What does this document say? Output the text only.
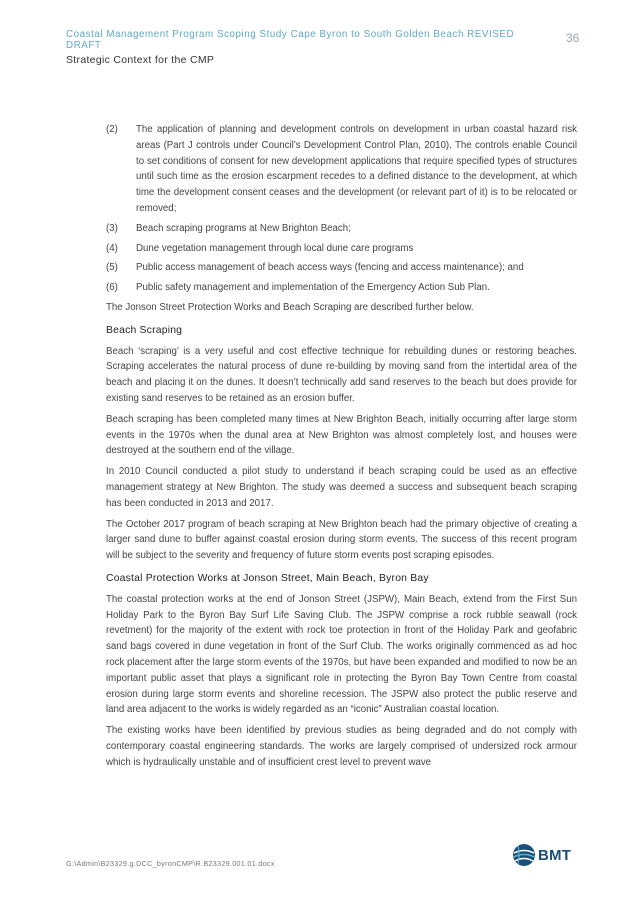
Coastal Management Program Scoping Study Cape Byron to South Golden Beach REVISED DRAFT

Strategic Context for the CMP
36
(2)	The application of planning and development controls on development in urban coastal hazard risk areas (Part J controls under Council’s Development Control Plan, 2010). The controls enable Council to set conditions of consent for new development applications that require specified types of structures until such time as the erosion escarpment recedes to a defined distance to the development, at which time the development consent ceases and the development (or relevant part of it) is to be relocated or removed;
(3)	Beach scraping programs at New Brighton Beach;
(4)	Dune vegetation management through local dune care programs
(5)	Public access management of beach access ways (fencing and access maintenance); and
(6)	Public safety management and implementation of the Emergency Action Sub Plan.

The Jonson Street Protection Works and Beach Scraping are described further below.

Beach Scraping

Beach ‘scraping’ is a very useful and cost effective technique for rebuilding dunes or restoring beaches. Scraping accelerates the natural process of dune re-building by moving sand from the intertidal area of the beach and placing it on the dunes. It doesn’t technically add sand reserves to the beach but does provide for existing sand reserves to be retained as an erosion buffer.

Beach scraping has been completed many times at New Brighton Beach, initially occurring after large storm events in the 1970s when the dunal area at New Brighton was almost completely lost, and houses were destroyed at the southern end of the village.

In 2010 Council conducted a pilot study to understand if beach scraping could be used as an effective management strategy at New Brighton. The study was deemed a success and subsequent beach scraping has been conducted in 2013 and 2017.

The October 2017 program of beach scraping at New Brighton beach had the primary objective of creating a larger sand dune to buffer against coastal erosion during storm events. The success of this recent program will be subject to the severity and frequency of future storm events post scraping episodes.

Coastal Protection Works at Jonson Street, Main Beach, Byron Bay

The coastal protection works at the end of Jonson Street (JSPW), Main Beach, extend from the First Sun Holiday Park to the Byron Bay Surf Life Saving Club. The JSPW comprise a rock rubble seawall (rock revetment) for the majority of the extent with rock toe protection in front of the Holiday Park and geofabric sand bags covered in dune vegetation in front of the Surf Club. The works originally commenced as ad hoc rock placement after the large storm events of the 1970s, but have been expanded and modified to now be an important public asset that plays a significant role in protecting the Byron Bay Town Centre from coastal erosion during large storm events and shoreline recession. The JSPW also protect the public reserve and land area adjacent to the works is widely regarded as an “iconic” Australian coastal location.

The existing works have been identified by previous studies as being degraded and do not comply with contemporary coastal engineering standards. The works are largely comprised of undersized rock armour which is hydraulically unstable and of insufficient crest level to prevent wave

G:\Admin\B23329.g.DCC_byronCMP\R.B23329.001.01.docx	BMT
